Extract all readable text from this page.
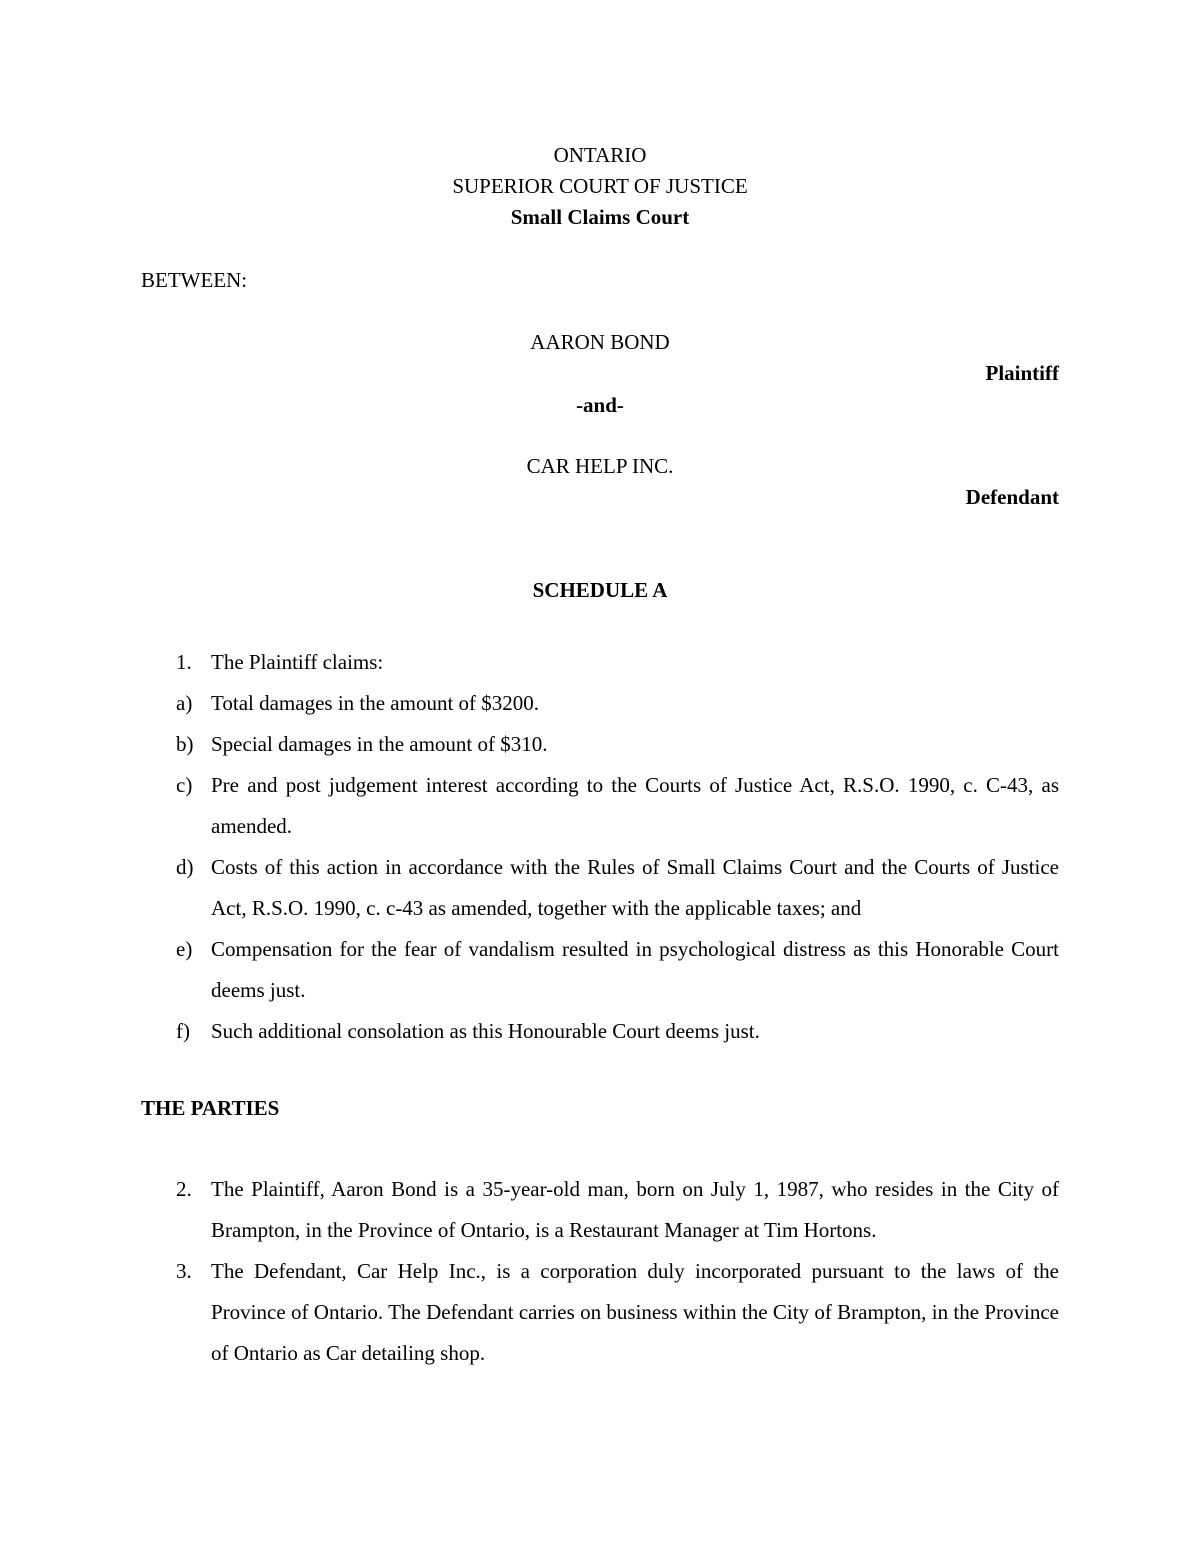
ONTARIO
SUPERIOR COURT OF JUSTICE
Small Claims Court
BETWEEN:
AARON BOND
Plaintiff
-and-
CAR HELP INC.
Defendant
SCHEDULE A
1. The Plaintiff claims:
a) Total damages in the amount of $3200.
b) Special damages in the amount of $310.
c) Pre and post judgement interest according to the Courts of Justice Act, R.S.O. 1990, c. C-43, as amended.
d) Costs of this action in accordance with the Rules of Small Claims Court and the Courts of Justice Act, R.S.O. 1990, c. c-43 as amended, together with the applicable taxes; and
e) Compensation for the fear of vandalism resulted in psychological distress as this Honorable Court deems just.
f) Such additional consolation as this Honourable Court deems just.
THE PARTIES
2. The Plaintiff, Aaron Bond is a 35-year-old man, born on July 1, 1987, who resides in the City of Brampton, in the Province of Ontario, is a Restaurant Manager at Tim Hortons.
3. The Defendant, Car Help Inc., is a corporation duly incorporated pursuant to the laws of the Province of Ontario. The Defendant carries on business within the City of Brampton, in the Province of Ontario as Car detailing shop.
